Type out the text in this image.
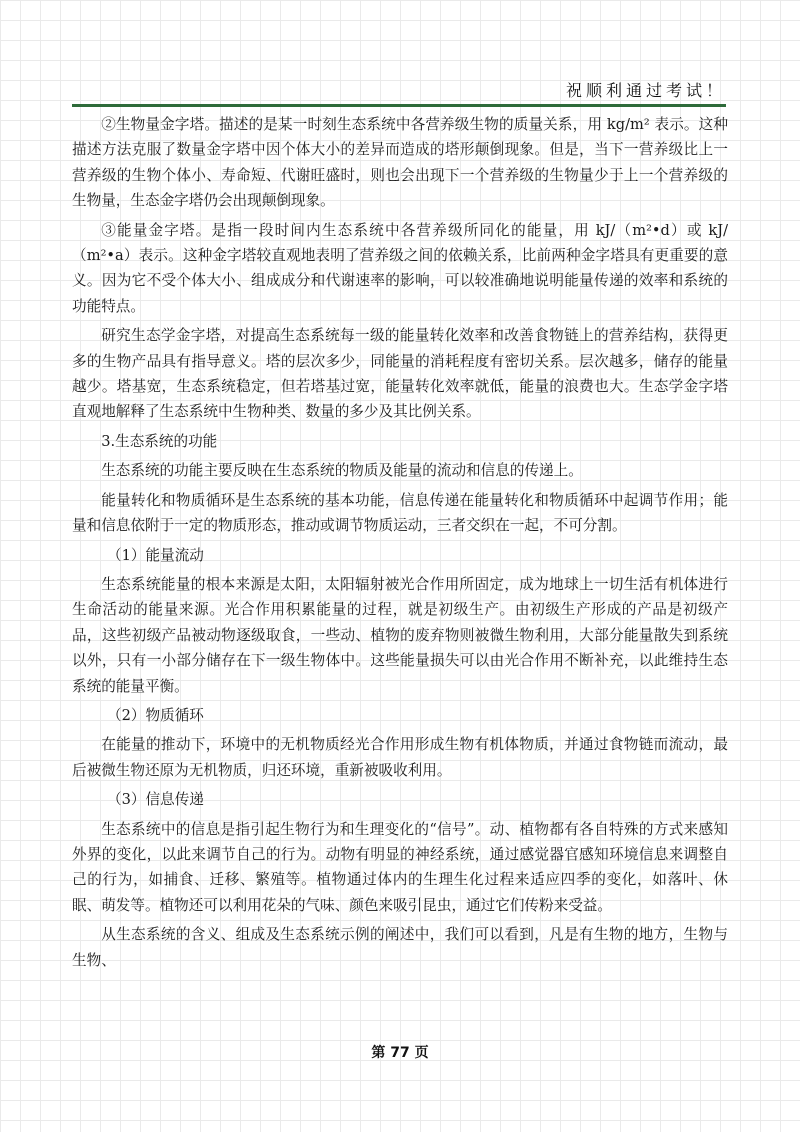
祝顺利通过考试！

②生物量金字塔。描述的是某一时刻生态系统中各营养级生物的质量关系，用 kg/m² 表示。这种描述方法克服了数量金字塔中因个体大小的差异而造成的塔形颠倒现象。但是，当下一营养级比上一营养级的生物个体小、寿命短、代谢旺盛时，则也会出现下一个营养级的生物量少于上一个营养级的生物量，生态金字塔仍会出现颠倒现象。

③能量金字塔。是指一段时间内生态系统中各营养级所同化的能量，用 kJ/（m²•d）或 kJ/（m²•a）表示。这种金字塔较直观地表明了营养级之间的依赖关系，比前两种金字塔具有更重要的意义。因为它不受个体大小、组成成分和代谢速率的影响，可以较准确地说明能量传递的效率和系统的功能特点。

研究生态学金字塔，对提高生态系统每一级的能量转化效率和改善食物链上的营养结构，获得更多的生物产品具有指导意义。塔的层次多少，同能量的消耗程度有密切关系。层次越多，储存的能量越少。塔基宽，生态系统稳定，但若塔基过宽，能量转化效率就低，能量的浪费也大。生态学金字塔直观地解释了生态系统中生物种类、数量的多少及其比例关系。

3.生态系统的功能

生态系统的功能主要反映在生态系统的物质及能量的流动和信息的传递上。

能量转化和物质循环是生态系统的基本功能，信息传递在能量转化和物质循环中起调节作用；能量和信息依附于一定的物质形态，推动或调节物质运动，三者交织在一起，不可分割。

（1）能量流动

生态系统能量的根本来源是太阳，太阳辐射被光合作用所固定，成为地球上一切生活有机体进行生命活动的能量来源。光合作用积累能量的过程，就是初级生产。由初级生产形成的产品是初级产品，这些初级产品被动物逐级取食，一些动、植物的废弃物则被微生物利用，大部分能量散失到系统以外，只有一小部分储存在下一级生物体中。这些能量损失可以由光合作用不断补充，以此维持生态系统的能量平衡。

（2）物质循环

在能量的推动下，环境中的无机物质经光合作用形成生物有机体物质，并通过食物链而流动，最后被微生物还原为无机物质，归还环境，重新被吸收利用。

（3）信息传递

生态系统中的信息是指引起生物行为和生理变化的“信号”。动、植物都有各自特殊的方式来感知外界的变化，以此来调节自己的行为。动物有明显的神经系统，通过感觉器官感知环境信息来调整自己的行为，如捕食、迁移、繁殖等。植物通过体内的生理生化过程来适应四季的变化，如落叶、休眠、萌发等。植物还可以利用花朵的气味、颜色来吸引昆虫，通过它们传粉来受益。

从生态系统的含义、组成及生态系统示例的阐述中，我们可以看到，凡是有生物的地方，生物与生物、

第 77 页
